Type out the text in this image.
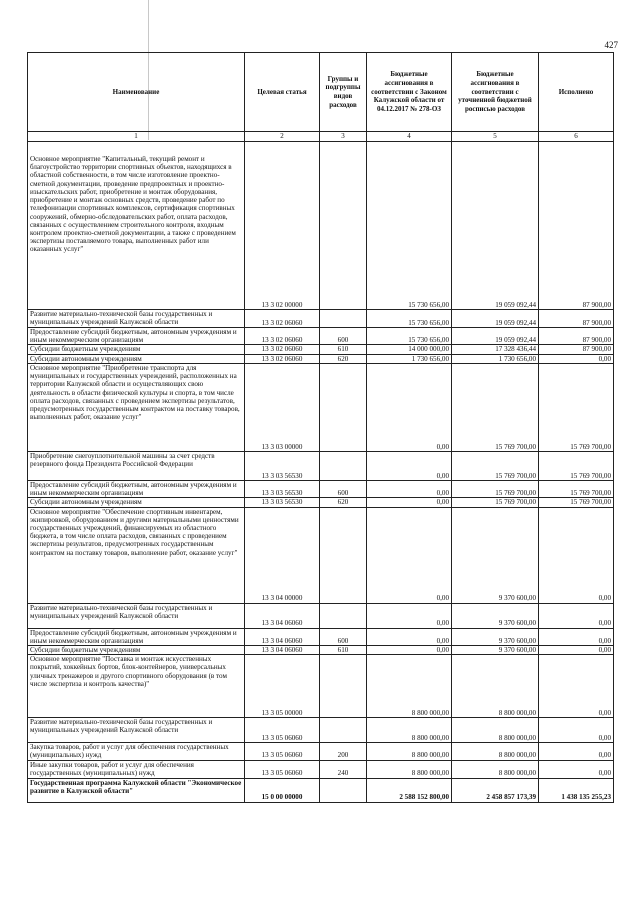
427
Наименование	Целевая статья	Группы и подгруппы видов расходов	Бюджетные ассигнования в соответствии с Законом Калужской области от 04.12.2017 № 278-ОЗ	Бюджетные ассигнования в соответствии с уточненной бюджетной росписью расходов	Исполнено
1	2	3	4	5	6
Основное мероприятие "Капитальный, текущий ремонт и благоустройство территории спортивных объектов, находящихся в областной собственности, в том числе изготовление проектно-сметной документации, проведение предпроектных и проектно-изыскательских работ, приобретение и монтаж оборудования, приобретение и монтаж основных средств, проведение работ по телефонизации спортивных комплексов, сертификация спортивных сооружений, обмерно-обследовательских работ, оплата расходов, связанных с осуществлением строительного контроля, входным контролем проектно-сметной документации, а также с проведением экспертизы поставляемого товара, выполненных работ или оказанных услуг"	13 3 02 00000		15 730 656,00	19 059 092,44	87 900,00
Развитие материально-технической базы государственных и муниципальных учреждений Калужской области	13 3 02 06060		15 730 656,00	19 059 092,44	87 900,00
Предоставление субсидий бюджетным, автономным учреждениям и иным некоммерческим организациям	13 3 02 06060	600	15 730 656,00	19 059 092,44	87 900,00
Субсидии бюджетным учреждениям	13 3 02 06060	610	14 000 000,00	17 328 436,44	87 900,00
Субсидии автономным учреждениям	13 3 02 06060	620	1 730 656,00	1 730 656,00	0,00
Основное мероприятие "Приобретение транспорта для муниципальных и государственных учреждений, расположенных на территории Калужской области и осуществляющих свою деятельность в области физической культуры и спорта, в том числе оплата расходов, связанных с проведением экспертизы результатов, предусмотренных государственным контрактом на поставку товаров, выполненных работ, оказание услуг"	13 3 03 00000		0,00	15 769 700,00	15 769 700,00
Приобретение снегоуплотнительной машины за счет средств резервного фонда Президента Российской Федерации	13 3 03 56530		0,00	15 769 700,00	15 769 700,00
Предоставление субсидий бюджетным, автономным учреждениям и иным некоммерческим организациям	13 3 03 56530	600	0,00	15 769 700,00	15 769 700,00
Субсидии автономным учреждениям	13 3 03 56530	620	0,00	15 769 700,00	15 769 700,00
Основное мероприятие "Обеспечение спортивным инвентарем, экипировкой, оборудованием и другими материальными ценностями государственных учреждений, финансируемых из областного бюджета, в том числе оплата расходов, связанных с проведением экспертизы результатов, предусмотренных государственным контрактом на поставку товаров, выполнение работ, оказание услуг"	13 3 04 00000		0,00	9 370 600,00	0,00
Развитие материально-технической базы государственных и муниципальных учреждений Калужской области	13 3 04 06060		0,00	9 370 600,00	0,00
Предоставление субсидий бюджетным, автономным учреждениям и иным некоммерческим организациям	13 3 04 06060	600	0,00	9 370 600,00	0,00
Субсидии бюджетным учреждениям	13 3 04 06060	610	0,00	9 370 600,00	0,00
Основное мероприятие "Поставка и монтаж искусственных покрытий, хоккейных бортов, блок-контейнеров, универсальных уличных тренажеров и другого спортивного оборудования (в том числе экспертиза и контроль качества)"	13 3 05 00000		8 800 000,00	8 800 000,00	0,00
Развитие материально-технической базы государственных и муниципальных учреждений Калужской области	13 3 05 06060		8 800 000,00	8 800 000,00	0,00
Закупка товаров, работ и услуг для обеспечения государственных (муниципальных) нужд	13 3 05 06060	200	8 800 000,00	8 800 000,00	0,00
Иные закупки товаров, работ и услуг для обеспечения государственных (муниципальных) нужд	13 3 05 06060	240	8 800 000,00	8 800 000,00	0,00
Государственная программа Калужской области "Экономическое развитие в Калужской области"	15 0 00 00000		2 588 152 800,00	2 458 857 173,39	1 438 135 255,23
